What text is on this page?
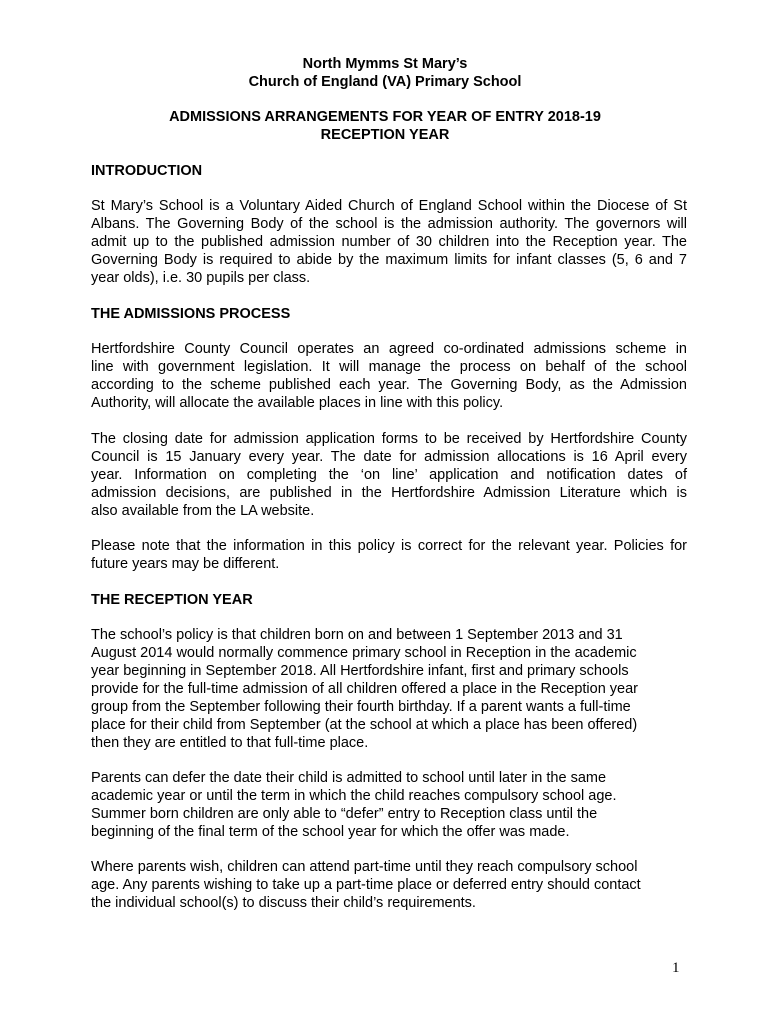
North Mymms St Mary’s
Church of England (VA) Primary School
ADMISSIONS ARRANGEMENTS FOR YEAR OF ENTRY 2018-19
RECEPTION YEAR
INTRODUCTION
St Mary’s School is a Voluntary Aided Church of England School within the Diocese of St
Albans. The Governing Body of the school is the admission authority. The governors will
admit up to the published admission number of 30 children into the Reception year. The
Governing Body is required to abide by the maximum limits for infant classes (5, 6 and 7
year olds), i.e. 30 pupils per class.
THE ADMISSIONS PROCESS
Hertfordshire County Council operates an agreed co-ordinated admissions scheme in
line with government legislation. It will manage the process on behalf of the school
according to the scheme published each year. The Governing Body, as the Admission
Authority, will allocate the available places in line with this policy.
The closing date for admission application forms to be received by Hertfordshire County
Council is 15 January every year. The date for admission allocations is 16 April every
year. Information on completing the ‘on line’ application and notification dates of
admission decisions, are published in the Hertfordshire Admission Literature which is
also available from the LA website.
Please note that the information in this policy is correct for the relevant year. Policies for
future years may be different.
THE RECEPTION YEAR
The school’s policy is that children born on and between 1 September 2013 and 31
August 2014 would normally commence primary school in Reception in the academic
year beginning in September 2018. All Hertfordshire infant, first and primary schools
provide for the full-time admission of all children offered a place in the Reception year
group from the September following their fourth birthday. If a parent wants a full-time
place for their child from September (at the school at which a place has been offered)
then they are entitled to that full-time place.
Parents can defer the date their child is admitted to school until later in the same
academic year or until the term in which the child reaches compulsory school age.
Summer born children are only able to “defer” entry to Reception class until the
beginning of the final term of the school year for which the offer was made.
Where parents wish, children can attend part-time until they reach compulsory school
age. Any parents wishing to take up a part-time place or deferred entry should contact
the individual school(s) to discuss their child’s requirements.
1
